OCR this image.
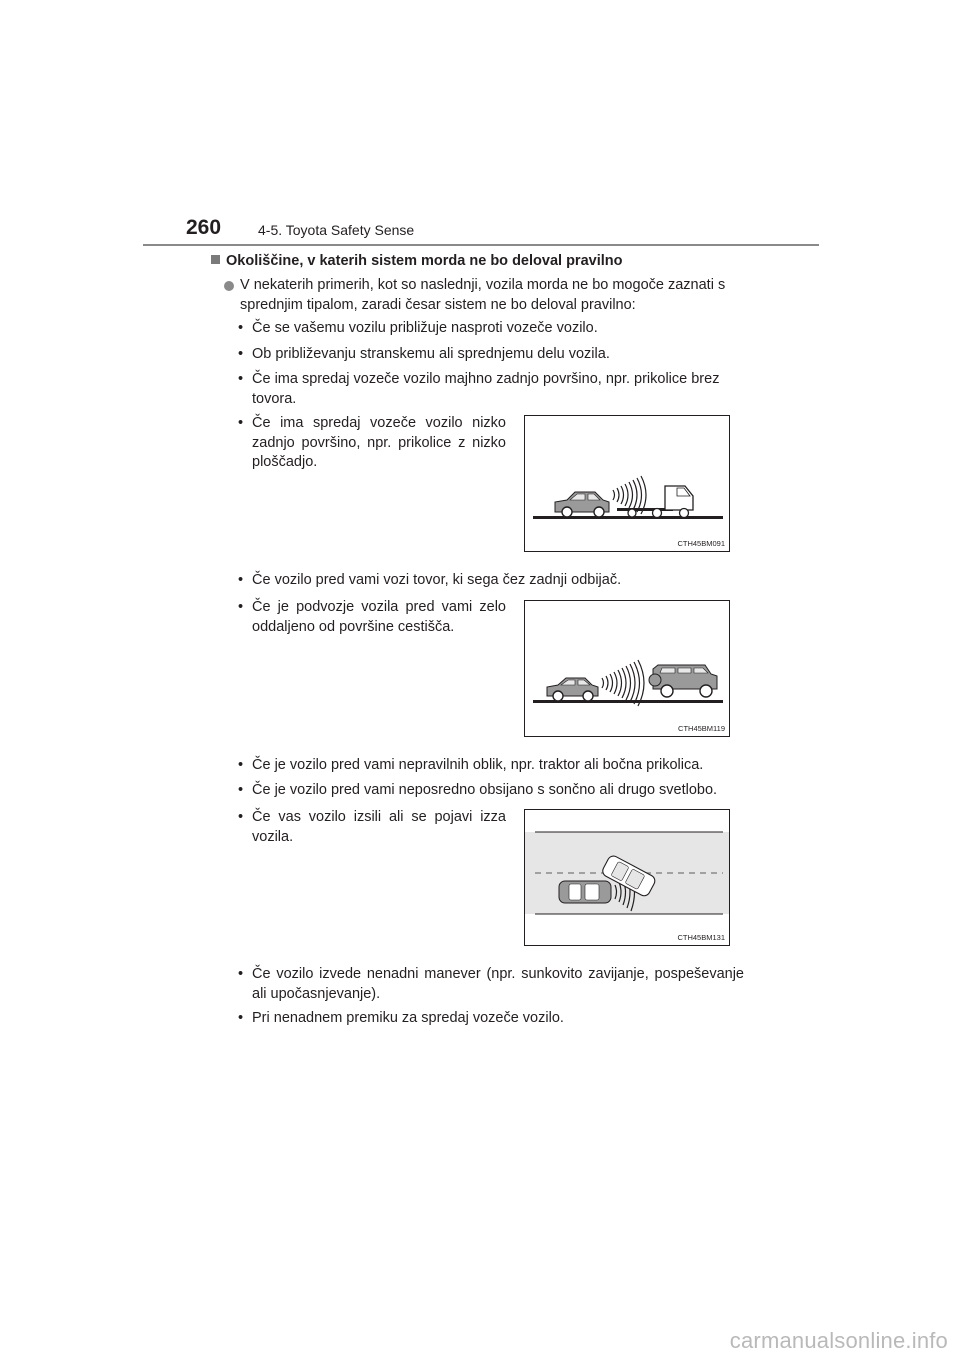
260	4-5. Toyota Safety Sense
Okoliščine, v katerih sistem morda ne bo deloval pravilno
V nekaterih primerih, kot so naslednji, vozila morda ne bo mogoče zaznati s sprednjim tipalom, zaradi česar sistem ne bo deloval pravilno:
• Če se vašemu vozilu približuje nasproti vozeče vozilo.
• Ob približevanju stranskemu ali sprednjemu delu vozila.
• Če ima spredaj vozeče vozilo majhno zadnjo površino, npr. prikolice brez tovora.
• Če ima spredaj vozeče vozilo nizko zadnjo površino, npr. prikolice z nizko ploščadjo.
CTH45BM091
• Če vozilo pred vami vozi tovor, ki sega čez zadnji odbijač.
• Če je podvozje vozila pred vami zelo oddaljeno od površine cestišča.
CTH45BM119
• Če je vozilo pred vami nepravilnih oblik, npr. traktor ali bočna prikolica.
• Če je vozilo pred vami neposredno obsijano s sončno ali drugo svetlobo.
• Če vas vozilo izsili ali se pojavi izza vozila.
CTH45BM131
• Če vozilo izvede nenadni manever (npr. sunkovito zavijanje, pospeševanje ali upočasnjevanje).
• Pri nenadnem premiku za spredaj vozeče vozilo.
carmanualsonline.info
